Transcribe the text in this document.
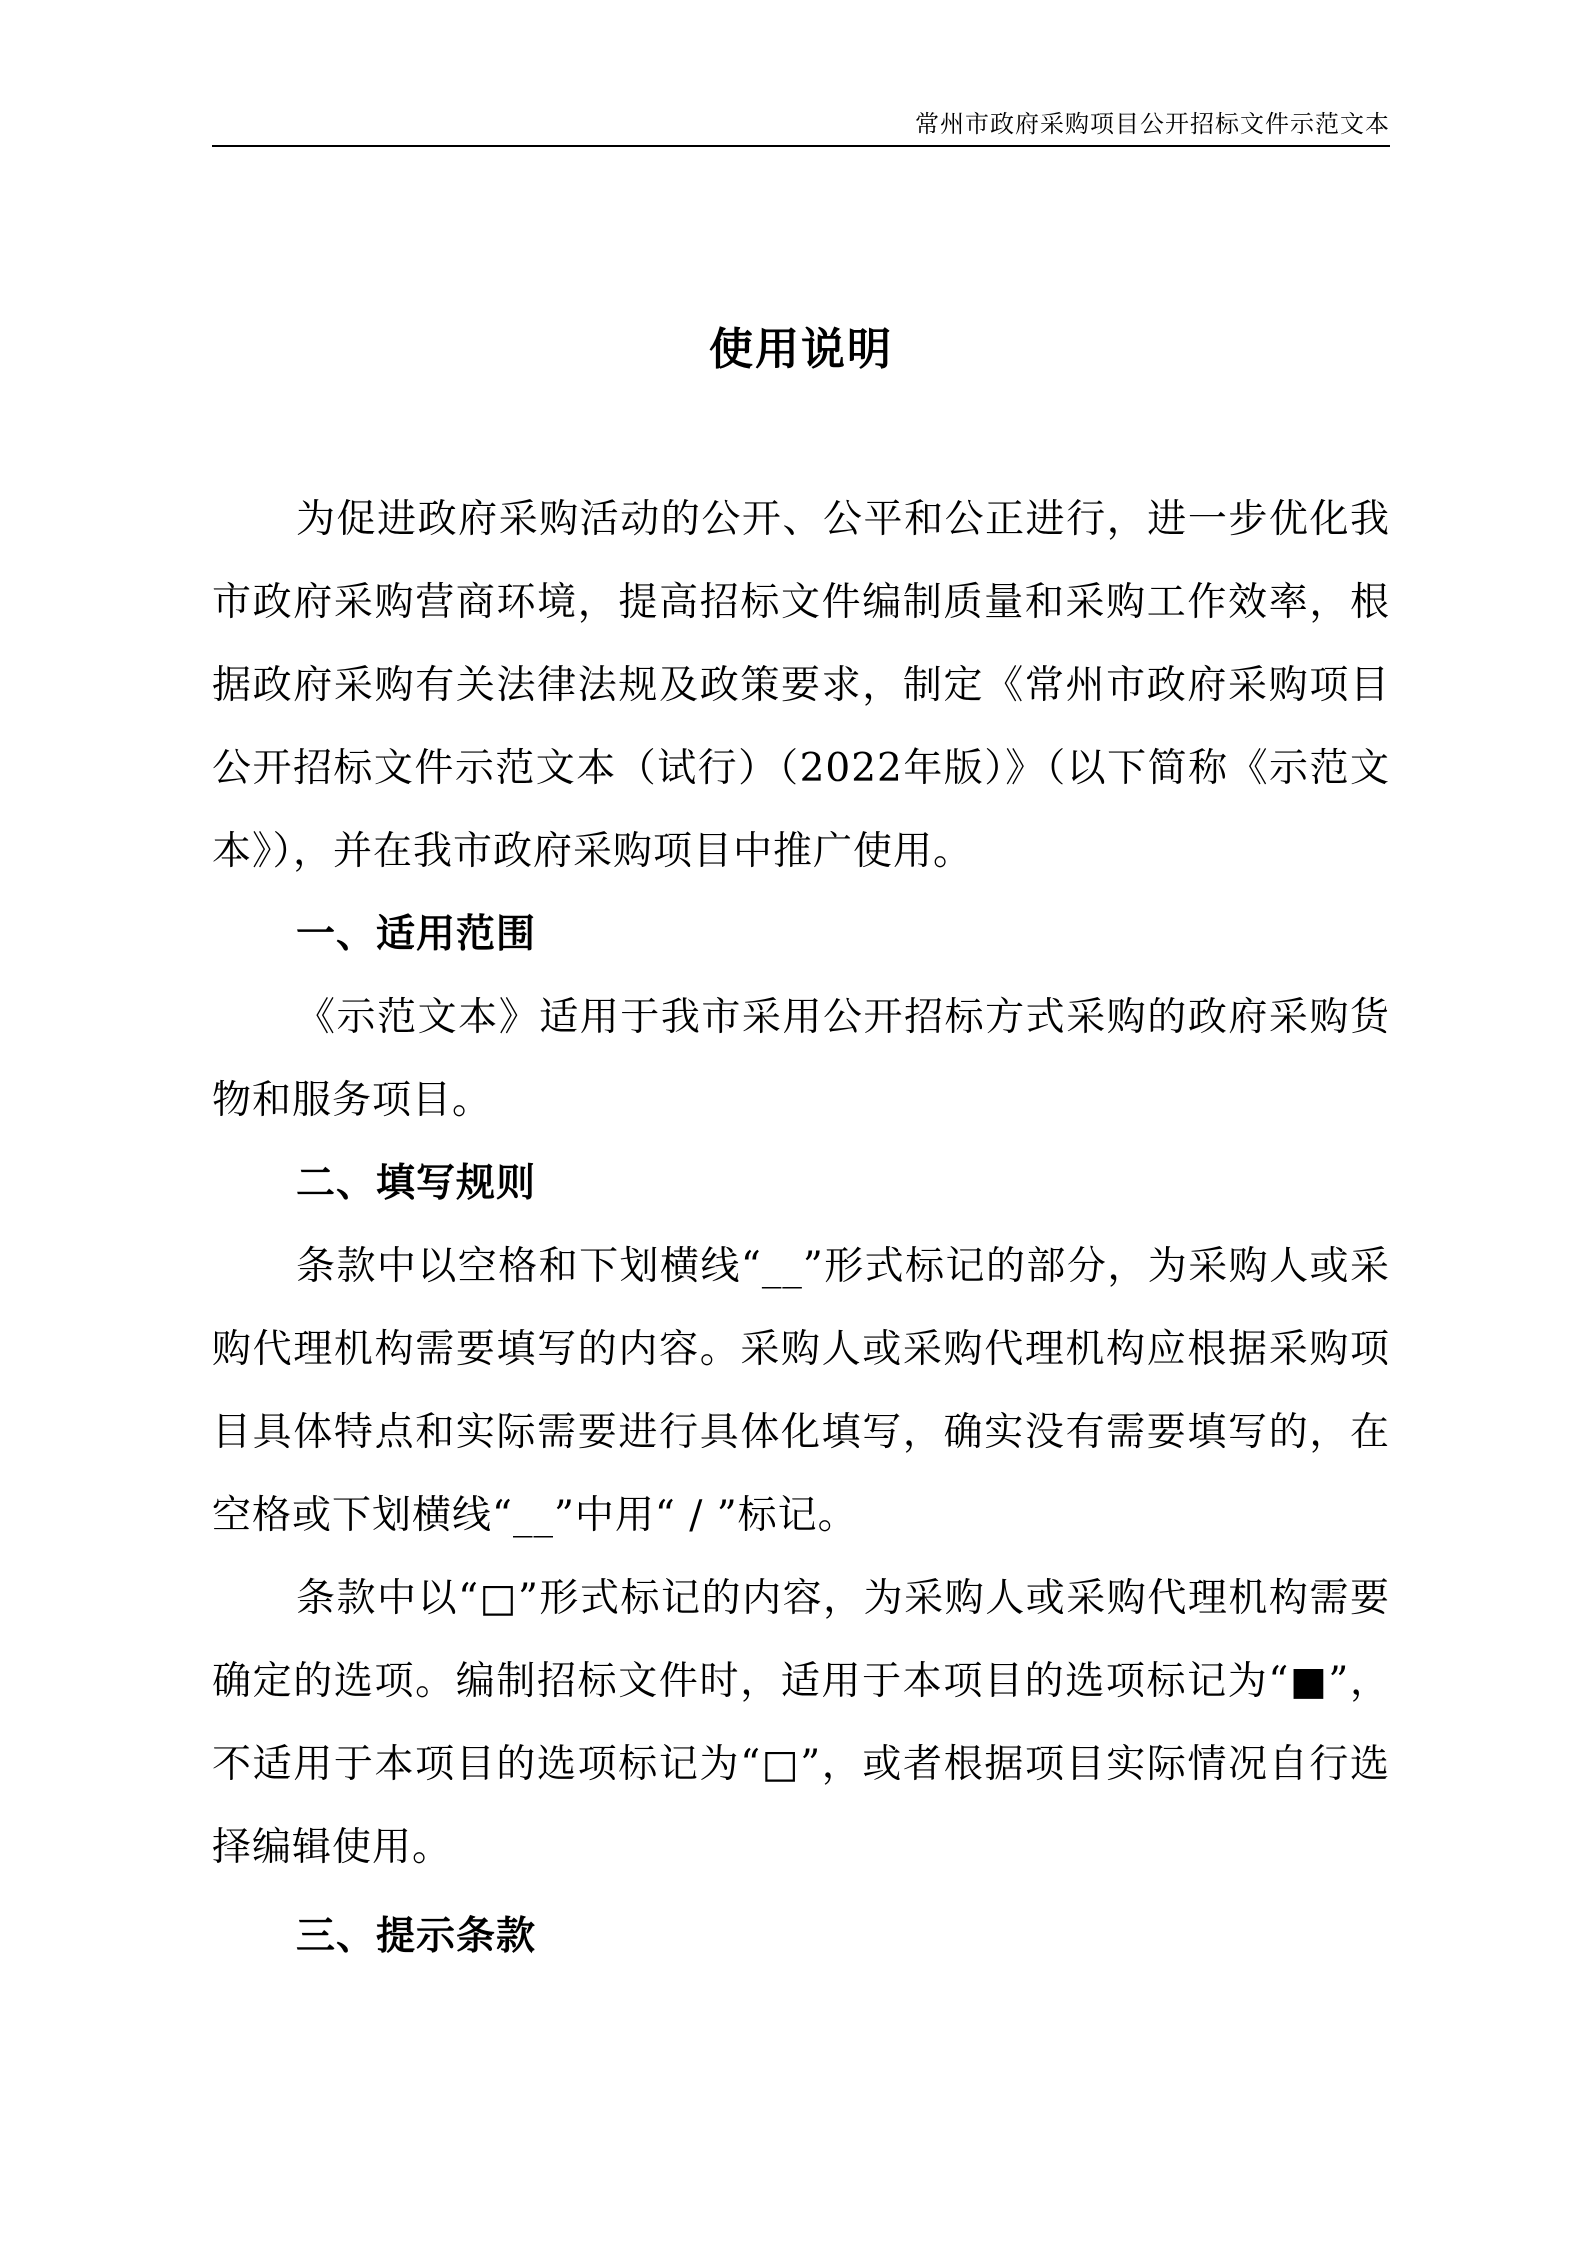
常州市政府采购项目公开招标文件示范文本
使用说明

为促进政府采购活动的公开、公平和公正进行，进一步优化我市政府采购营商环境，提高招标文件编制质量和采购工作效率，根据政府采购有关法律法规及政策要求，制定《常州市政府采购项目公开招标文件示范文本（试行）（2022年版）》（以下简称《示范文本》），并在我市政府采购项目中推广使用。

一、适用范围

《示范文本》适用于我市采用公开招标方式采购的政府采购货物和服务项目。

二、填写规则

条款中以空格和下划横线“__”形式标记的部分，为采购人或采购代理机构需要填写的内容。采购人或采购代理机构应根据采购项目具体特点和实际需要进行具体化填写，确实没有需要填写的，在空格或下划横线“__”中用“ / ”标记。

条款中以“□”形式标记的内容，为采购人或采购代理机构需要确定的选项。编制招标文件时，适用于本项目的选项标记为“■”，不适用于本项目的选项标记为“□”，或者根据项目实际情况自行选择编辑使用。

三、提示条款
